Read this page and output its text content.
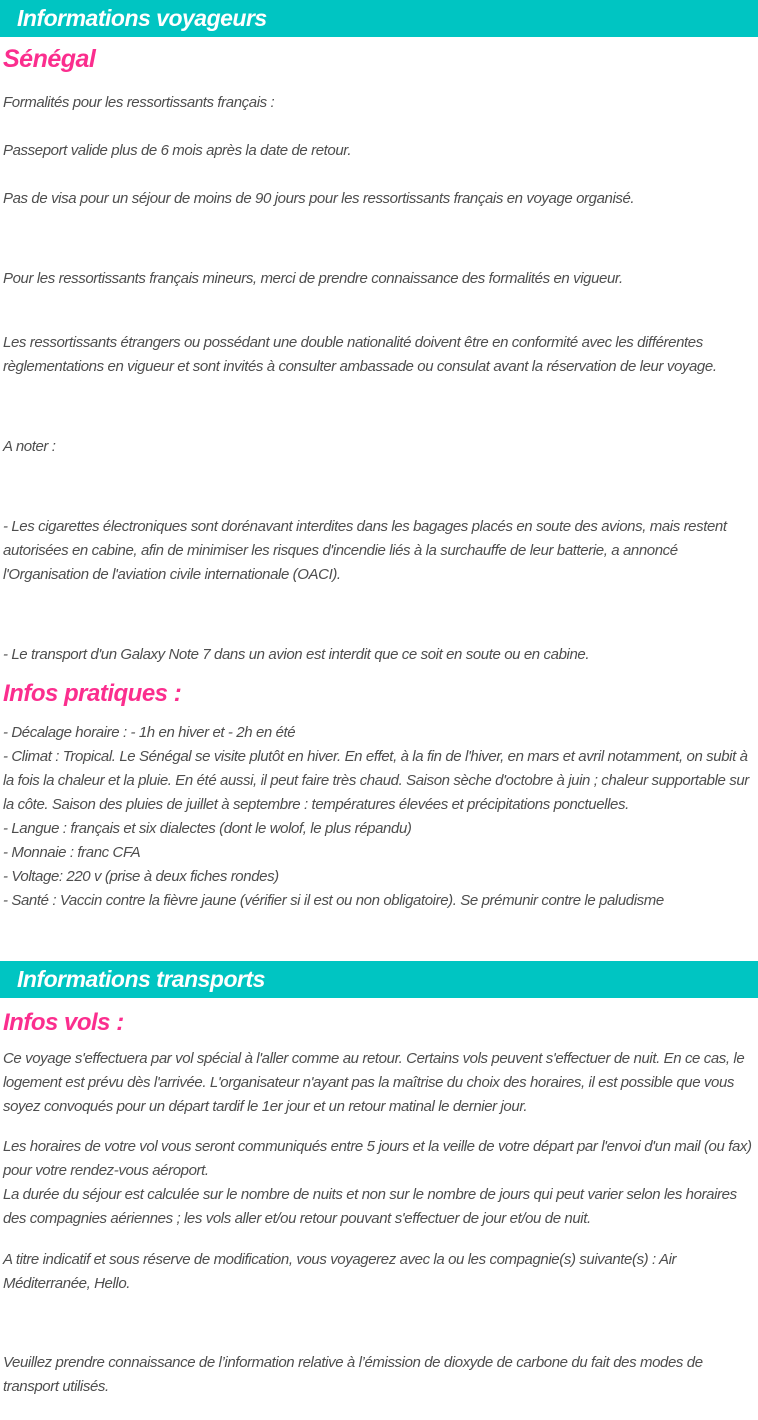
Informations voyageurs
Sénégal

Formalités pour les ressortissants français :

Passeport valide plus de 6 mois après la date de retour.

Pas de visa pour un séjour de moins de 90 jours pour les ressortissants français en voyage organisé.

Pour les ressortissants français mineurs, merci de prendre connaissance des formalités en vigueur.

Les ressortissants étrangers ou possédant une double nationalité doivent être en conformité avec les différentes règlementations en vigueur et sont invités à consulter ambassade ou consulat avant la réservation de leur voyage.

A noter :

- Les cigarettes électroniques sont dorénavant interdites dans les bagages placés en soute des avions, mais restent autorisées en cabine, afin de minimiser les risques d'incendie liés à la surchauffe de leur batterie, a annoncé l'Organisation de l'aviation civile internationale (OACI).

- Le transport d'un Galaxy Note 7 dans un avion est interdit que ce soit en soute ou en cabine.

Infos pratiques :

- Décalage horaire : - 1h en hiver et - 2h en été

- Climat : Tropical. Le Sénégal se visite plutôt en hiver. En effet, à la fin de l'hiver, en mars et avril notamment, on subit à la fois la chaleur et la pluie. En été aussi, il peut faire très chaud. Saison sèche d'octobre à juin ; chaleur supportable sur la côte. Saison des pluies de juillet à septembre : températures élevées et précipitations ponctuelles.

- Langue : français et six dialectes (dont le wolof, le plus répandu)

- Monnaie : franc CFA

- Voltage: 220 v (prise à deux fiches rondes)

- Santé : Vaccin contre la fièvre jaune (vérifier si il est ou non obligatoire). Se prémunir contre le paludisme

Informations transports
Infos vols :

Ce voyage s'effectuera par vol spécial à l'aller comme au retour. Certains vols peuvent s'effectuer de nuit. En ce cas, le logement est prévu dès l'arrivée. L'organisateur n'ayant pas la maîtrise du choix des horaires, il est possible que vous soyez convoqués pour un départ tardif le 1er jour et un retour matinal le dernier jour.

Les horaires de votre vol vous seront communiqués entre 5 jours et la veille de votre départ par l'envoi d'un mail (ou fax) pour votre rendez-vous aéroport.

La durée du séjour est calculée sur le nombre de nuits et non sur le nombre de jours qui peut varier selon les horaires des compagnies aériennes ; les vols aller et/ou retour pouvant s'effectuer de jour et/ou de nuit.

A titre indicatif et sous réserve de modification, vous voyagerez avec la ou les compagnie(s) suivante(s) : Air Méditerranée, Hello.

Veuillez prendre connaissance de l’information relative à l’émission de dioxyde de carbone du fait des modes de transport utilisés.
